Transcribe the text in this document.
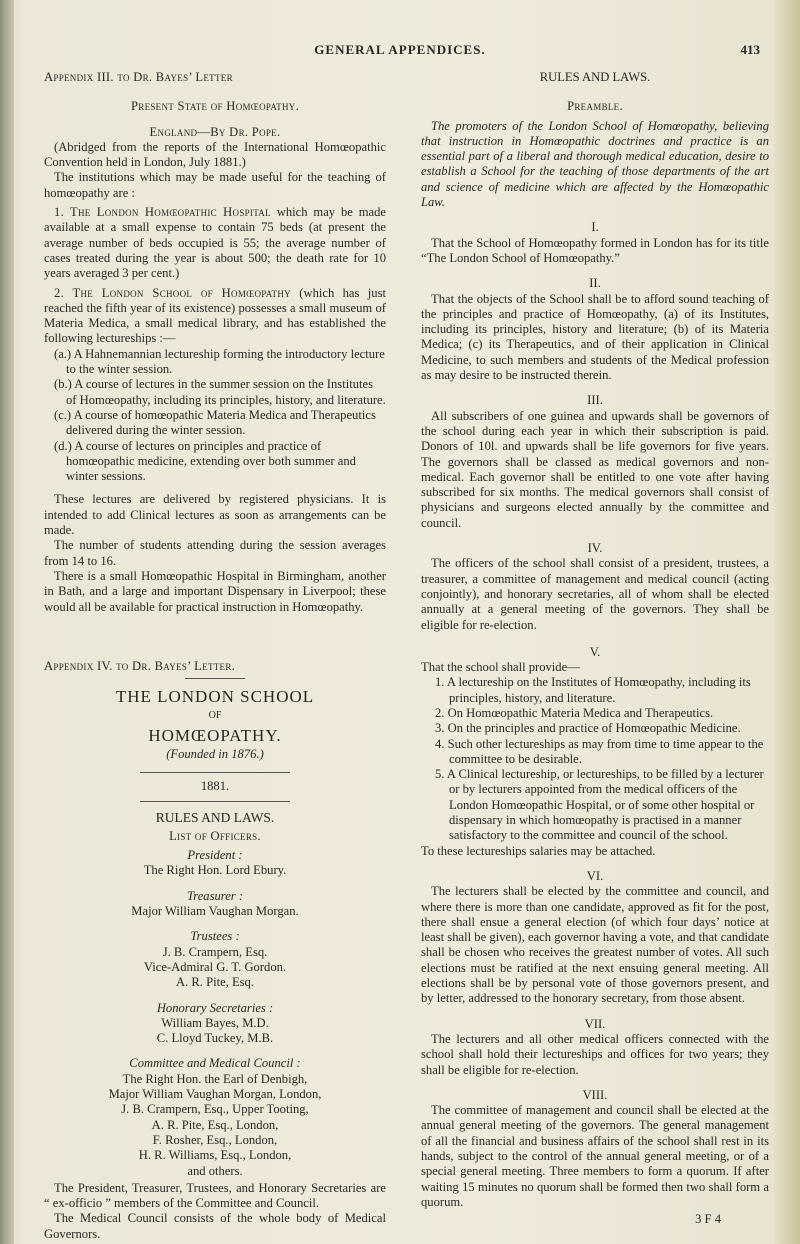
GENERAL APPENDICES.	413

Appendix III. to Dr. Bayes’ Letter

Present State of Homœopathy.

England—By Dr. Pope.

(Abridged from the reports of the International Homœopathic Convention held in London, July 1881.)

The institutions which may be made useful for the teaching of homœopathy are :

1. The London Homœopathic Hospital which may be made available at a small expense to contain 75 beds (at present the average number of beds occupied is 55; the average number of cases treated during the year is about 500; the death rate for 10 years averaged 3 per cent.)

2. The London School of Homœopathy (which has just reached the fifth year of its existence) possesses a small museum of Materia Medica, a small medical library, and has established the following lectureships :—

(a.) A Hahnemannian lectureship forming the introductory lecture to the winter session.

(b.) A course of lectures in the summer session on the Institutes of Homœopathy, including its principles, history, and literature.

(c.) A course of homœopathic Materia Medica and Therapeutics delivered during the winter session.

(d.) A course of lectures on principles and practice of homœopathic medicine, extending over both summer and winter sessions.

These lectures are delivered by registered physicians. It is intended to add Clinical lectures as soon as arrangements can be made.

The number of students attending during the session averages from 14 to 16.

There is a small Homœopathic Hospital in Birmingham, another in Bath, and a large and important Dispensary in Liverpool; these would all be available for practical instruction in Homœopathy.

Appendix IV. to Dr. Bayes’ Letter.

THE LONDON SCHOOL

OF

HOMŒOPATHY.

(Founded in 1876.)

1881.

RULES AND LAWS.

List of Officers.

President :

The Right Hon. Lord Ebury.

Treasurer :

Major William Vaughan Morgan.

Trustees :

J. B. Crampern, Esq.

Vice-Admiral G. T. Gordon.

A. R. Pite, Esq.

Honorary Secretaries :

William Bayes, M.D.

C. Lloyd Tuckey, M.B.

Committee and Medical Council :

The Right Hon. the Earl of Denbigh,

Major William Vaughan Morgan, London,

J. B. Crampern, Esq., Upper Tooting,

A. R. Pite, Esq., London,

F. Rosher, Esq., London,

H. R. Williams, Esq., London,

and others.

The President, Treasurer, Trustees, and Honorary Secretaries are “ ex-officio ” members of the Committee and Council.

The Medical Council consists of the whole body of Medical Governors.

RULES AND LAWS.

Preamble.

The promoters of the London School of Homœopathy, believing that instruction in Homœopathic doctrines and practice is an essential part of a liberal and thorough medical education, desire to establish a School for the teaching of those departments of the art and science of medicine which are affected by the Homœopathic Law.

I.

That the School of Homœopathy formed in London has for its title “The London School of Homœopathy.”

II.

That the objects of the School shall be to afford sound teaching of the principles and practice of Homœopathy, (a) of its Institutes, including its principles, history and literature; (b) of its Materia Medica; (c) its Therapeutics, and of their application in Clinical Medicine, to such members and students of the Medical profession as may desire to be instructed therein.

III.

All subscribers of one guinea and upwards shall be governors of the school during each year in which their subscription is paid. Donors of 10l. and upwards shall be life governors for five years. The governors shall be classed as medical governors and non-medical. Each governor shall be entitled to one vote after having subscribed for six months. The medical governors shall consist of physicians and surgeons elected annually by the committee and council.

IV.

The officers of the school shall consist of a president, trustees, a treasurer, a committee of management and medical council (acting conjointly), and honorary secretaries, all of whom shall be elected annually at a general meeting of the governors. They shall be eligible for re-election.

V.

That the school shall provide—

1. A lectureship on the Institutes of Homœopathy, including its principles, history, and literature.

2. On Homœopathic Materia Medica and Therapeutics.

3. On the principles and practice of Homœopathic Medicine.

4. Such other lectureships as may from time to time appear to the committee to be desirable.

5. A Clinical lectureship, or lectureships, to be filled by a lecturer or by lecturers appointed from the medical officers of the London Homœopathic Hospital, or of some other hospital or dispensary in which homœopathy is practised in a manner satisfactory to the committee and council of the school.

To these lectureships salaries may be attached.

VI.

The lecturers shall be elected by the committee and council, and where there is more than one candidate, approved as fit for the post, there shall ensue a general election (of which four days’ notice at least shall be given), each governor having a vote, and that candidate shall be chosen who receives the greatest number of votes. All such elections must be ratified at the next ensuing general meeting. All elections shall be by personal vote of those governors present, and by letter, addressed to the honorary secretary, from those absent.

VII.

The lecturers and all other medical officers connected with the school shall hold their lectureships and offices for two years; they shall be eligible for re-election.

VIII.

The committee of management and council shall be elected at the annual general meeting of the governors. The general management of all the financial and business affairs of the school shall rest in its hands, subject to the control of the annual general meeting, or of a special general meeting. Three members to form a quorum. If after waiting 15 minutes no quorum shall be formed then two shall form a quorum.

3 F 4
